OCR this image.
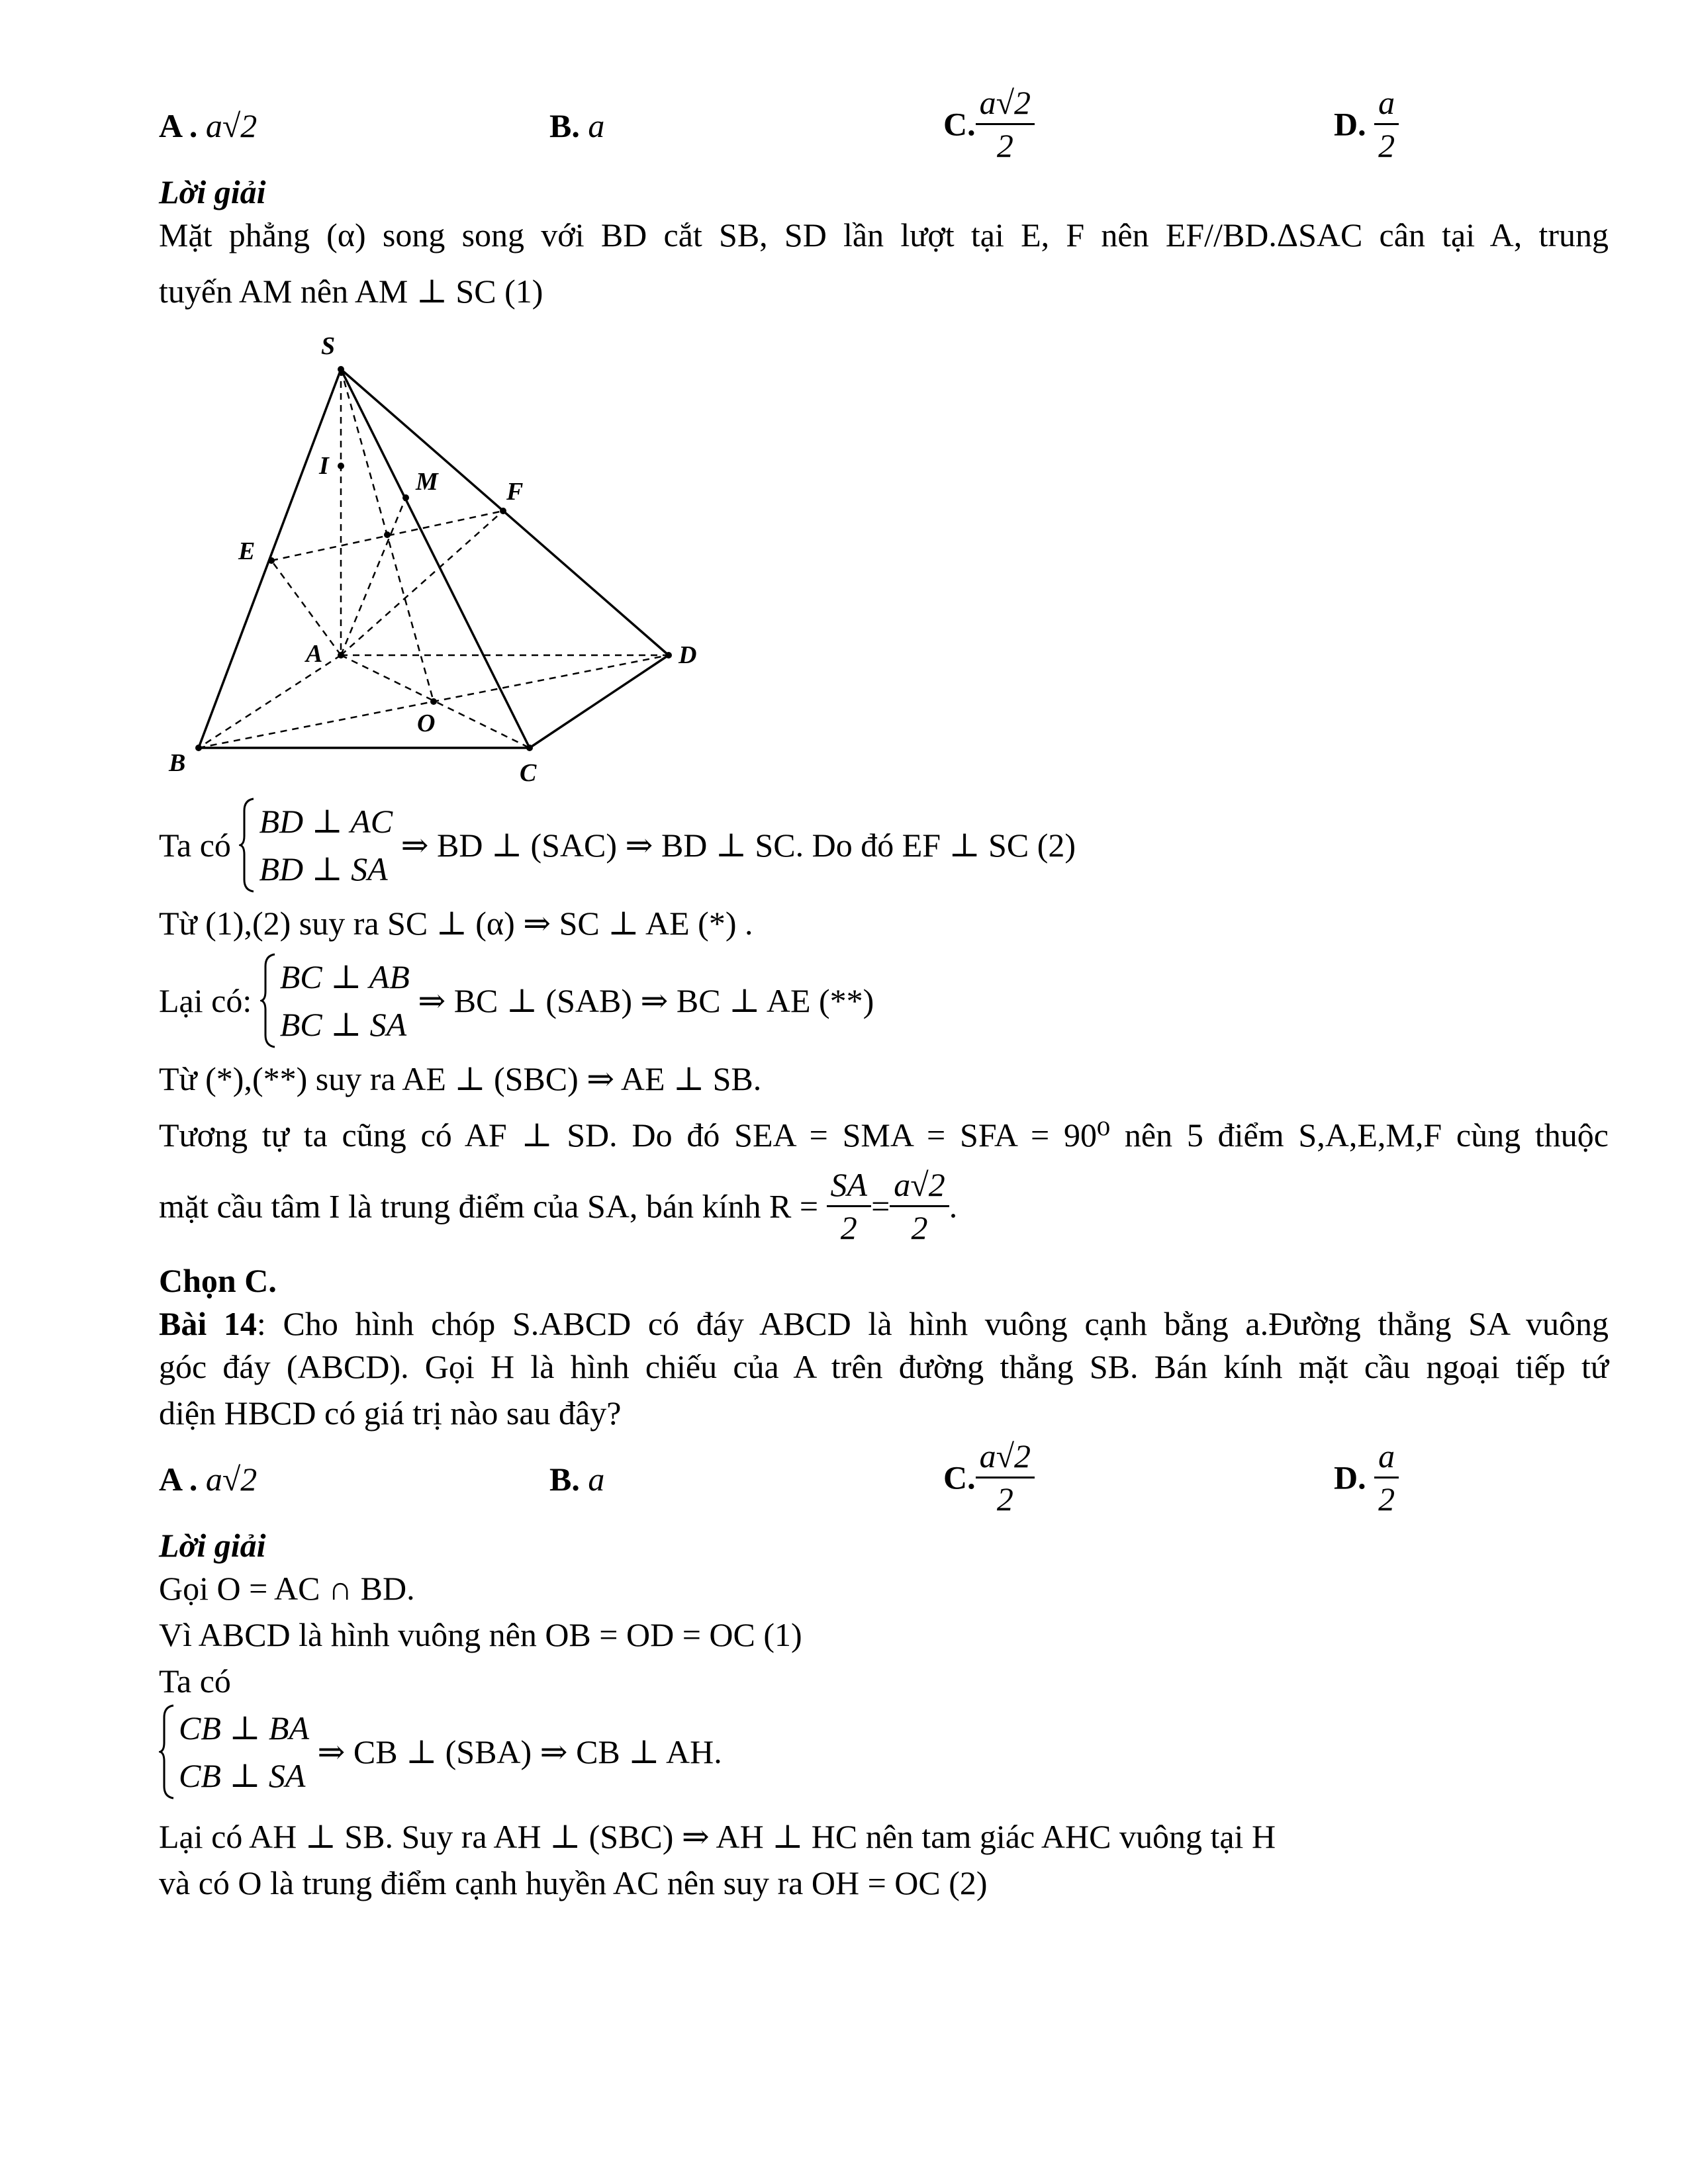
A . a√2	B. a	C. $\frac{a√2}{2}$	D. $\frac{a}{2}$
Lời giải
Mặt phẳng (α) song song với BD cắt SB, SD lần lượt tại E, F nên EF//BD.ΔSAC cân tại A, trung
tuyến AM nên AM ⊥ SC (1)
S
I
M	F
E
A	D
O
B	C
Ta có
BD ⊥ AC
BD ⊥ SA
⇒ BD ⊥ (SAC) ⇒ BD ⊥ SC. Do đó EF ⊥ SC (2)
Từ (1),(2) suy ra SC ⊥ (α) ⇒ SC ⊥ AE (*) .
Lại có:
BC ⊥ AB
BC ⊥ SA
⇒ BC ⊥ (SAB) ⇒ BC ⊥ AE (**)
Từ (*),(**) suy ra AE ⊥ (SBC) ⇒ AE ⊥ SB.
Tương tự ta cũng có AF ⊥ SD. Do đó SEA = SMA = SFA = 90⁰ nên 5 điểm S,A,E,M,F cùng thuộc
mặt cầu tâm I là trung điểm của SA, bán kính $R = \frac{SA}{2} = \frac{a√2}{2}$ .
Chọn C.
Bài 14: Cho hình chóp S.ABCD có đáy ABCD là hình vuông cạnh bằng a.Đường thẳng SA vuông
góc đáy (ABCD). Gọi H là hình chiếu của A trên đường thẳng SB. Bán kính mặt cầu ngoại tiếp tứ
diện HBCD có giá trị nào sau đây?
A . a√2	B. a	C. $\frac{a√2}{2}$	D. $\frac{a}{2}$
Lời giải
Gọi O = AC ∩ BD.
Vì ABCD là hình vuông nên OB = OD = OC (1)
Ta có
CB ⊥ BA
CB ⊥ SA
⇒ CB ⊥ (SBA) ⇒ CB ⊥ AH.
Lại có AH ⊥ SB. Suy ra AH ⊥ (SBC) ⇒ AH ⊥ HC nên tam giác AHC vuông tại H
và có O là trung điểm cạnh huyền AC nên suy ra OH = OC (2)
